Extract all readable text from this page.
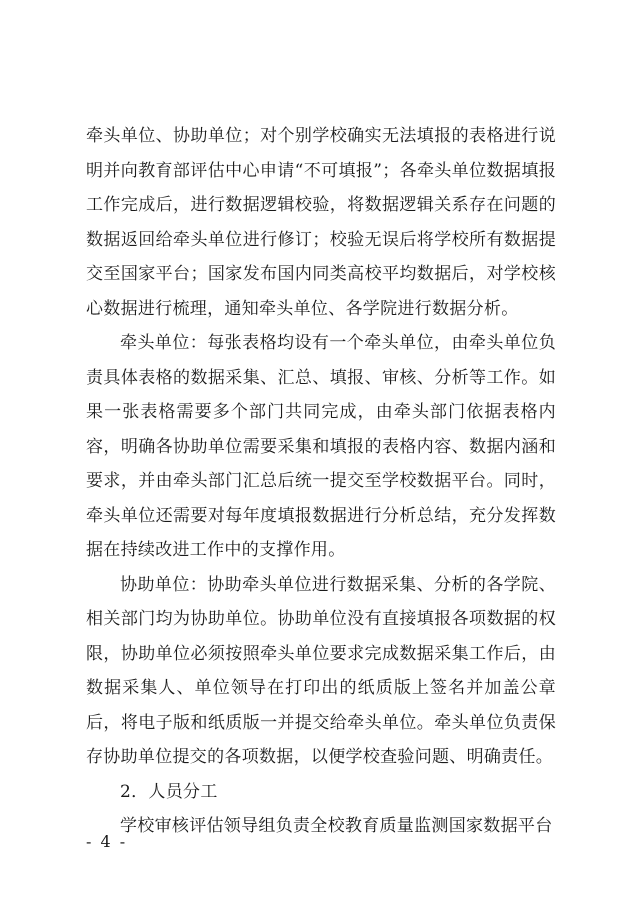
牵头单位、协助单位；对个别学校确实无法填报的表格进行说明并向教育部评估中心申请“不可填报”；各牵头单位数据填报工作完成后，进行数据逻辑校验，将数据逻辑关系存在问题的数据返回给牵头单位进行修订；校验无误后将学校所有数据提交至国家平台；国家发布国内同类高校平均数据后，对学校核心数据进行梳理，通知牵头单位、各学院进行数据分析。

牵头单位：每张表格均设有一个牵头单位，由牵头单位负责具体表格的数据采集、汇总、填报、审核、分析等工作。如果一张表格需要多个部门共同完成，由牵头部门依据表格内容，明确各协助单位需要采集和填报的表格内容、数据内涵和要求，并由牵头部门汇总后统一提交至学校数据平台。同时，牵头单位还需要对每年度填报数据进行分析总结，充分发挥数据在持续改进工作中的支撑作用。

协助单位：协助牵头单位进行数据采集、分析的各学院、相关部门均为协助单位。协助单位没有直接填报各项数据的权限，协助单位必须按照牵头单位要求完成数据采集工作后，由数据采集人、单位领导在打印出的纸质版上签名并加盖公章后，将电子版和纸质版一并提交给牵头单位。牵头单位负责保存协助单位提交的各项数据，以便学校查验问题、明确责任。

2．人员分工

学校审核评估领导组负责全校教育质量监测国家数据平台

- 4 -
